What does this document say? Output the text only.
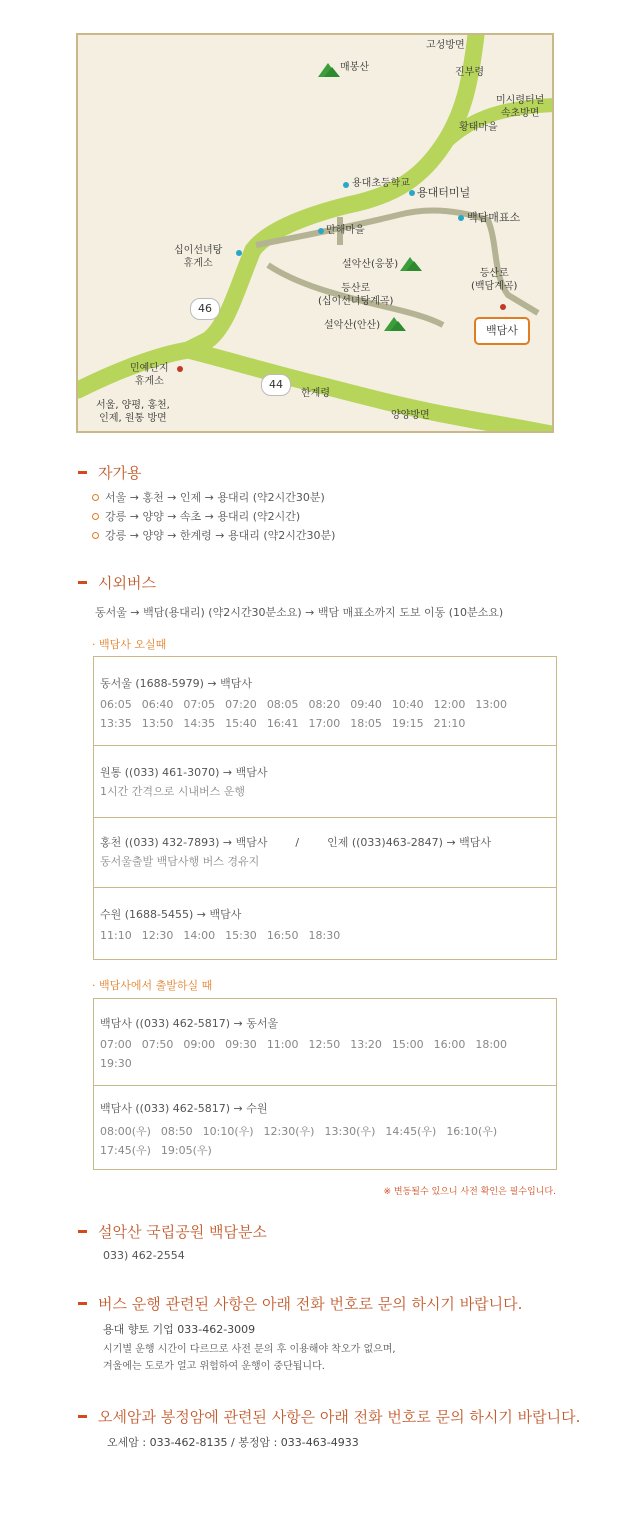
고성방면
진부령
매봉산
미시령터널
속초방면
황태마을
용대초등학교
용대터미널
백담매표소
만해마을
십이선녀탕
휴게소	설악산(응봉)
등산로
(백담계곡)
등산로
(십이선녀탕계곡)
설악산(안산)	백담사
46
44
민예단지
휴게소
한계령
양양방면
서울, 양평, 홍천,
인제, 원통 방면
자가용
서울 → 홍천 → 인제 → 용대리 (약2시간30분)
강릉 → 양양 → 속초 → 용대리 (약2시간)
강릉 → 양양 → 한계령 → 용대리 (약2시간30분)
시외버스
동서울 → 백담(용대리) (약2시간30분소요) → 백담 매표소까지 도보 이동 (10분소요)
· 백담사 오실때
동서울 (1688-5979) → 백담사
06:05 06:40 07:05 07:20 08:05 08:20 09:40 10:40 12:00 13:0013:35 13:50 14:35 15:40 16:41 17:00 18:05 19:15 21:10
원통 ((033) 461-3070) → 백담사
1시간 간격으로 시내버스 운행
홍천 ((033) 432-7893) → 백담사        /        인제 ((033)463-2847) → 백담사
동서울출발 백담사행 버스 경유지
수원 (1688-5455) → 백담사
11:10 12:30 14:00 15:30 16:50 18:30
· 백담사에서 출발하실 때
백담사 ((033) 462-5817) → 동서울
07:00 07:50 09:00 09:30 11:00 12:50 13:20 15:00 16:00 18:0019:30
백담사 ((033) 462-5817) → 수원
08:00(우) 08:50 10:10(우) 12:30(우) 13:30(우) 14:45(우) 16:10(우)17:45(우) 19:05(우)
※ 변동될수 있으니 사전 확인은 필수입니다.
설악산 국립공원 백담분소
033) 462-2554
버스 운행 관련된 사항은 아래 전화 번호로 문의 하시기 바랍니다.
용대 향토 기업 033-462-3009
시기별 운행 시간이 다르므로 사전 문의 후 이용해야 착오가 없으며,
겨울에는 도로가 얼고 위험하여 운행이 중단됩니다.
오세암과 봉정암에 관련된 사항은 아래 전화 번호로 문의 하시기 바랍니다.
오세암 : 033-462-8135 / 봉정암 : 033-463-4933
